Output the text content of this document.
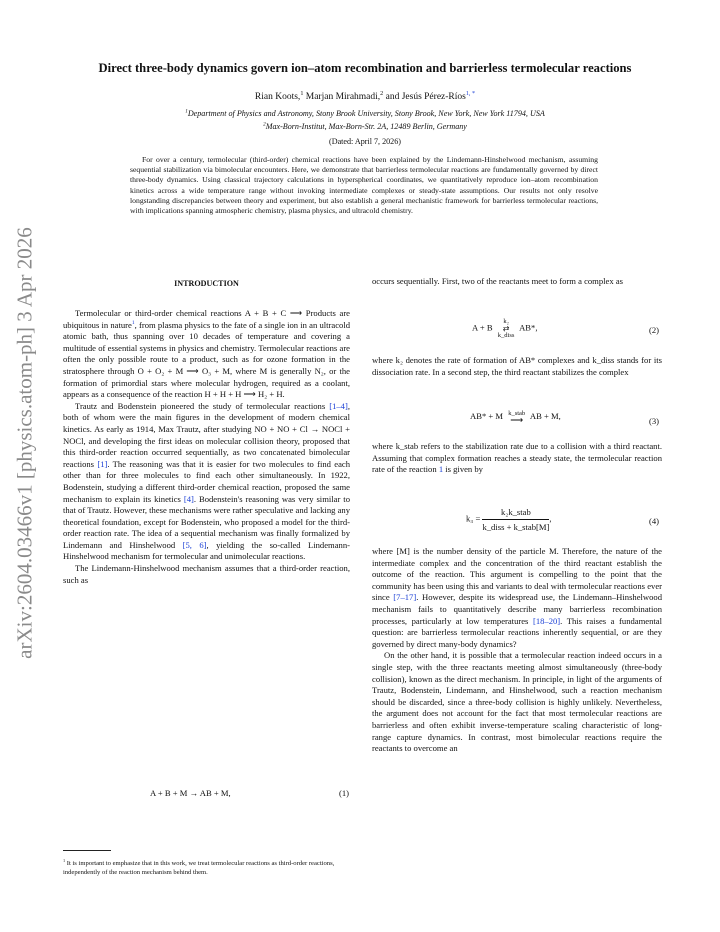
arXiv:2604.03466v1 [physics.atom-ph] 3 Apr 2026
Direct three-body dynamics govern ion–atom recombination and barrierless termolecular reactions
Rian Koots,$^1$ Marjan Mirahmadi,$^2$ and Jesús Pérez-Ríos$^{1, *}$
$^1$Department of Physics and Astronomy, Stony Brook University, Stony Brook, New York, New York 11794, USA
$^2$Max-Born-Institut, Max-Born-Str. 2A, 12489 Berlin, Germany
(Dated: April 7, 2026)
For over a century, termolecular (third-order) chemical reactions have been explained by the Lindemann-Hinshelwood mechanism, assuming sequential stabilization via bimolecular encounters. Here, we demonstrate that barrierless termolecular reactions are fundamentally governed by direct three-body dynamics. Using classical trajectory calculations in hyperspherical coordinates, we quantitatively reproduce ion–atom recombination kinetics across a wide temperature range without invoking intermediate complexes or steady-state assumptions. Our results not only resolve longstanding discrepancies between theory and experiment, but also establish a general mechanistic framework for barrierless termolecular reactions, with implications spanning atmospheric chemistry, plasma physics, and ultracold chemistry.
INTRODUCTION

Termolecular or third-order chemical reactions A + B + C ⟶ Products are ubiquitous in nature$^1$, from plasma physics to the fate of a single ion in an ultracold atomic bath, thus spanning over 10 decades of temperature and covering a multitude of essential systems in physics and chemistry. Termolecular reactions are often the only possible route to a product, such as for ozone formation in the stratosphere through O + O₂ + M ⟶ O₃ + M, where M is generally N₂, or the formation of primordial stars where molecular hydrogen, required as a coolant, appears as a consequence of the reaction H + H + H ⟶ H₂ + H.

Trautz and Bodenstein pioneered the study of termolecular reactions [1–4], both of whom were the main figures in the development of modern chemical kinetics. As early as 1914, Max Trautz, after studying NO + NO + Cl → NOCl + NOCl, and developing the first ideas on molecular collision theory, proposed that this third-order reaction occurred sequentially, as two concatenated bimolecular reactions [1]. The reasoning was that it is easier for two molecules to find each other than for three molecules to find each other simultaneously. In 1922, Bodenstein, studying a different third-order chemical reaction, proposed the same mechanism to explain its kinetics [4]. Bodenstein's reasoning was very similar to that of Trautz. However, these mechanisms were rather speculative and lacking any theoretical foundation, except for Bodenstein, who proposed a model for the third-order reaction rate. The idea of a sequential mechanism was finally formalized by Lindemann and Hinshelwood [5, 6], yielding the so-called Lindemann-Hinshelwood mechanism for termolecular and unimolecular reactions.

The Lindemann-Hinshelwood mechanism assumes that a third-order reaction, such as

A + B + M → AB + M,	(1)
$^1$ It is important to emphasize that in this work, we treat termolecular reactions as third-order reactions, independently of the reaction mechanism behind them.

occurs sequentially. First, two of the reactants meet to form a complex as

A + B
k₂
⇄
k_diss
AB*,	(2)

where k₂ denotes the rate of formation of AB* complexes and k_diss stands for its dissociation rate. In a second step, the third reactant stabilizes the complex

AB* + M k_stab
⟶ AB + M,
(3)

where k_stab refers to the stabilization rate due to a collision with a third reactant. Assuming that complex formation reaches a steady state, the termolecular reaction rate of the reaction 1 is given by

$k_3 = \frac{\text{k₂k\_stab}}{\text{k\_diss + k\_stab[M]}}$ ,	(4)

where [M] is the number density of the particle M. Therefore, the nature of the intermediate complex and the concentration of the third reactant establish the outcome of the reaction. This argument is compelling to the point that the community has been using this and variants to deal with termolecular reactions ever since [7–17]. However, despite its widespread use, the Lindemann–Hinshelwood mechanism fails to quantitatively describe many barrierless recombination processes, particularly at low temperatures [18–20]. This raises a fundamental question: are barrierless termolecular reactions inherently sequential, or are they governed by direct many-body dynamics?

On the other hand, it is possible that a termolecular reaction indeed occurs in a single step, with the three reactants meeting almost simultaneously (three-body collision), known as the direct mechanism. In principle, in light of the arguments of Trautz, Bodenstein, Lindemann, and Hinshelwood, such a reaction mechanism should be discarded, since a three-body collision is highly unlikely. Nevertheless, the argument does not account for the fact that most termolecular reactions are barrierless and often exhibit inverse-temperature scaling characteristic of long-range capture dynamics. In contrast, most bimolecular reactions require the reactants to overcome an
